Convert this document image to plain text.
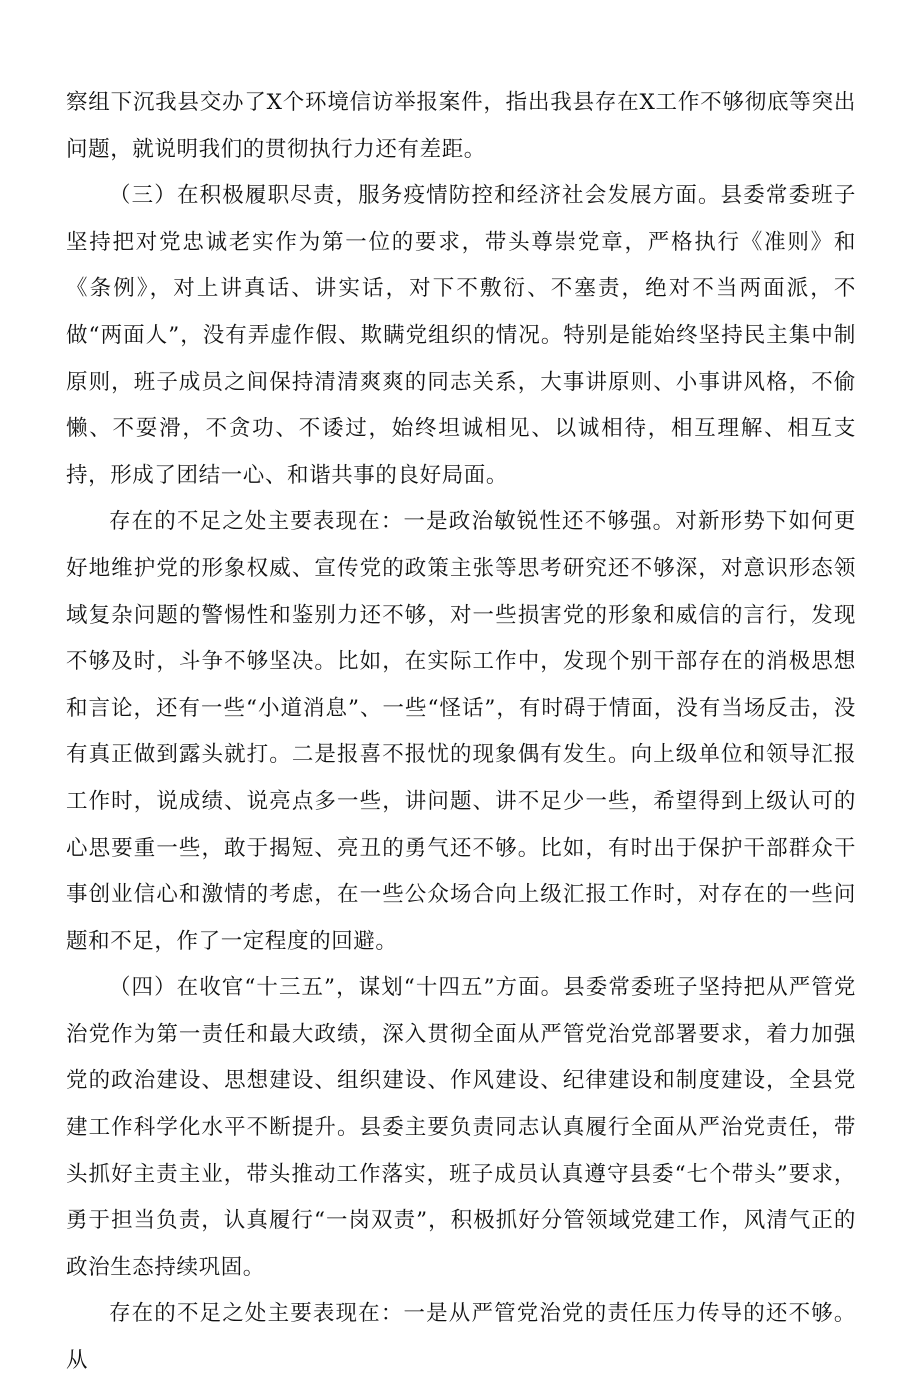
察组下沉我县交办了X个环境信访举报案件，指出我县存在X工作不够彻底等突出问题，就说明我们的贯彻执行力还有差距。

（三）在积极履职尽责，服务疫情防控和经济社会发展方面。县委常委班子坚持把对党忠诚老实作为第一位的要求，带头尊崇党章，严格执行《准则》和《条例》，对上讲真话、讲实话，对下不敷衍、不塞责，绝对不当两面派，不做“两面人”，没有弄虚作假、欺瞒党组织的情况。特别是能始终坚持民主集中制原则，班子成员之间保持清清爽爽的同志关系，大事讲原则、小事讲风格，不偷懒、不耍滑，不贪功、不诿过，始终坦诚相见、以诚相待，相互理解、相互支持，形成了团结一心、和谐共事的良好局面。

存在的不足之处主要表现在：一是政治敏锐性还不够强。对新形势下如何更好地维护党的形象权威、宣传党的政策主张等思考研究还不够深，对意识形态领域复杂问题的警惕性和鉴别力还不够，对一些损害党的形象和威信的言行，发现不够及时，斗争不够坚决。比如，在实际工作中，发现个别干部存在的消极思想和言论，还有一些“小道消息”、一些“怪话”，有时碍于情面，没有当场反击，没有真正做到露头就打。二是报喜不报忧的现象偶有发生。向上级单位和领导汇报工作时，说成绩、说亮点多一些，讲问题、讲不足少一些，希望得到上级认可的心思要重一些，敢于揭短、亮丑的勇气还不够。比如，有时出于保护干部群众干事创业信心和激情的考虑，在一些公众场合向上级汇报工作时，对存在的一些问题和不足，作了一定程度的回避。

（四）在收官“十三五”，谋划“十四五”方面。县委常委班子坚持把从严管党治党作为第一责任和最大政绩，深入贯彻全面从严管党治党部署要求，着力加强党的政治建设、思想建设、组织建设、作风建设、纪律建设和制度建设，全县党建工作科学化水平不断提升。县委主要负责同志认真履行全面从严治党责任，带头抓好主责主业，带头推动工作落实，班子成员认真遵守县委“七个带头”要求，勇于担当负责，认真履行“一岗双责”，积极抓好分管领域党建工作，风清气正的政治生态持续巩固。

存在的不足之处主要表现在：一是从严管党治党的责任压力传导的还不够。从
